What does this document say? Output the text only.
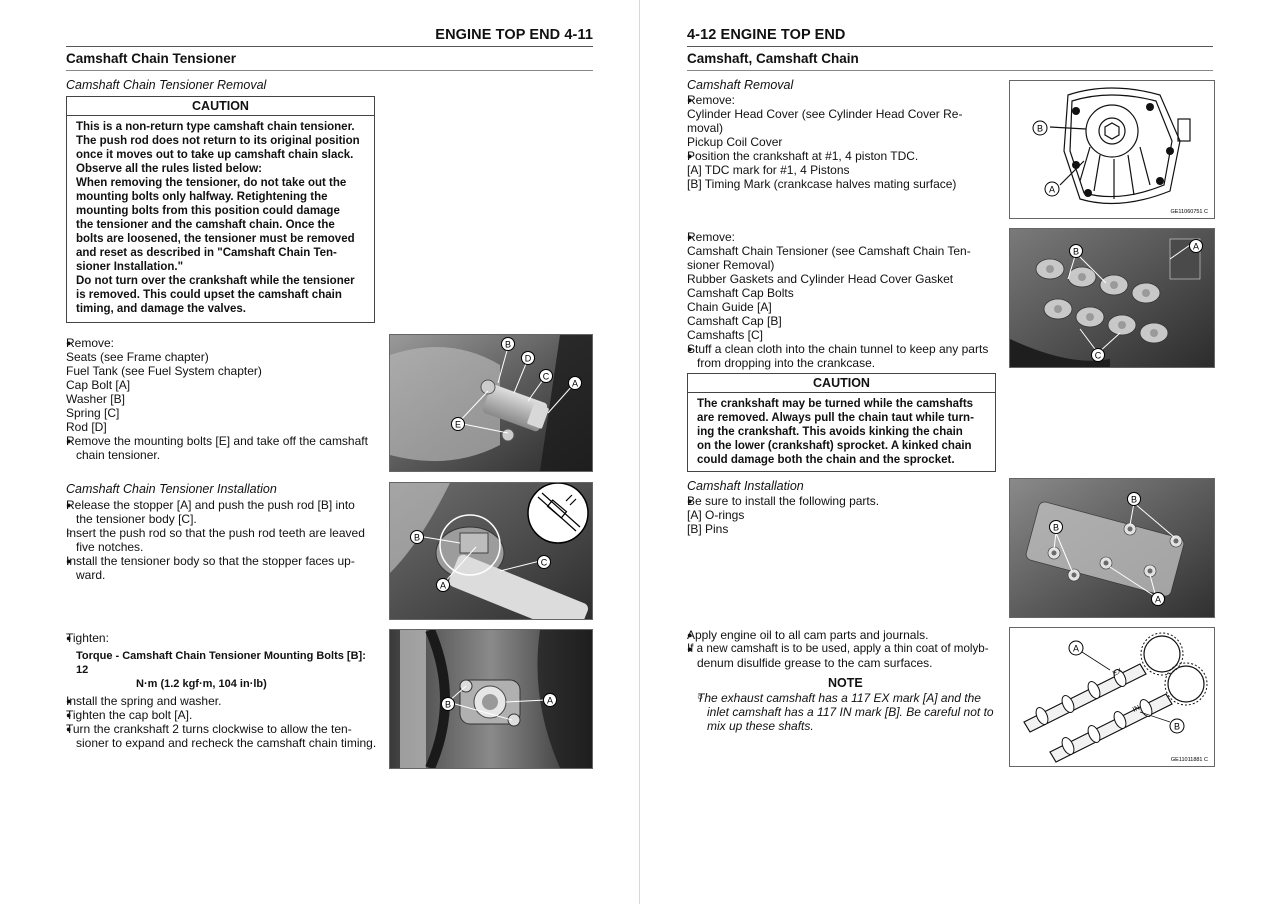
ENGINE TOP END 4-11
Camshaft Chain Tensioner
Camshaft Chain Tensioner Removal
CAUTION
This is a non-return type camshaft chain tensioner.
The push rod does not return to its original position
once it moves out to take up camshaft chain slack.
Observe all the rules listed below:
When removing the tensioner, do not take out the
mounting bolts only halfway. Retightening the
mounting bolts from this position could damage
the tensioner and the camshaft chain. Once the
bolts are loosened, the tensioner must be removed
and reset as described in "Camshaft Chain Ten-
sioner Installation."
Do not turn over the crankshaft while the tensioner
is removed. This could upset the camshaft chain
timing, and damage the valves.

● Remove:

Seats (see Frame chapter)

Fuel Tank (see Fuel System chapter)

Cap Bolt [A]

Washer [B]

Spring [C]

Rod [D]

● Remove the mounting bolts [E] and take off the camshaft

chain tensioner.

Camshaft Chain Tensioner Installation

● Release the stopper [A] and push the push rod [B] into

the tensioner body [C].

○ Insert the push rod so that the push rod teeth are leaved

five notches.

● Install the tensioner body so that the stopper faces up-

ward.

● Tighten:

Torque - Camshaft Chain Tensioner Mounting Bolts [B]: 12

N·m (1.2 kgf·m, 104 in·lb)

● Install the spring and washer.

● Tighten the cap bolt [A].

● Turn the crankshaft 2 turns clockwise to allow the ten-

sioner to expand and recheck the camshaft chain timing.

B
D
C
A
E
B
A
C
B	A
4-12 ENGINE TOP END
Camshaft, Camshaft Chain
Camshaft Removal

● Remove:

Cylinder Head Cover (see Cylinder Head Cover Re-

moval)

Pickup Coil Cover

● Position the crankshaft at #1, 4 piston TDC.

[A] TDC mark for #1, 4 Pistons

[B] Timing Mark (crankcase halves mating surface)

● Remove:

Camshaft Chain Tensioner (see Camshaft Chain Ten-

sioner Removal)

Rubber Gaskets and Cylinder Head Cover Gasket

Camshaft Cap Bolts

Chain Guide [A]

Camshaft Cap [B]

Camshafts [C]

● Stuff a clean cloth into the chain tunnel to keep any parts

from dropping into the crankcase.

CAUTION
The crankshaft may be turned while the camshafts
are removed. Always pull the chain taut while turn-
ing the crankshaft. This avoids kinking the chain
on the lower (crankshaft) sprocket. A kinked chain
could damage both the chain and the sprocket.
Camshaft Installation

● Be sure to install the following parts.

[A] O-rings

[B] Pins

● Apply engine oil to all cam parts and journals.

● If a new camshaft is to be used, apply a thin coat of molyb-

denum disulfide grease to the cam surfaces.

NOTE

○ The exhaust camshaft has a 117 EX mark [A] and the

inlet camshaft has a 117 IN mark [B]. Be careful not to

mix up these shafts.

B
A
GE11060751 C
B	A
C
B
B
A
EX
IN
A
B
GE11011881 C
